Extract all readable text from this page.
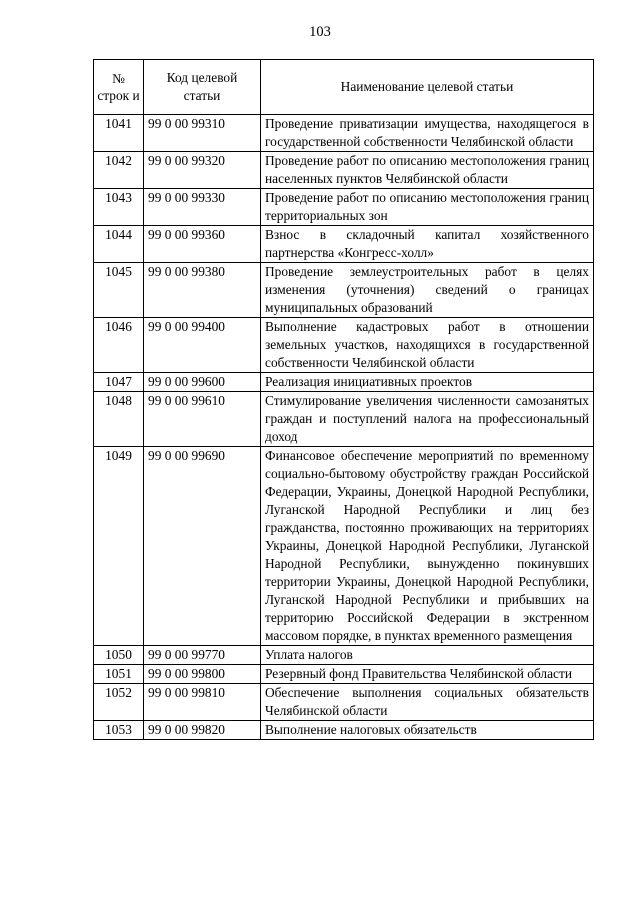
103
№ строк и	Код целевой статьи	Наименование целевой статьи
1041	99 0 00 99310	Проведение приватизации имущества, находящегося в государственной собственности Челябинской области
1042	99 0 00 99320	Проведение работ по описанию местоположения границ населенных пунктов Челябинской области
1043	99 0 00 99330	Проведение работ по описанию местоположения границ территориальных зон
1044	99 0 00 99360	Взнос в складочный капитал хозяйственного партнерства «Конгресс-холл»
1045	99 0 00 99380	Проведение землеустроительных работ в целях изменения (уточнения) сведений о границах муниципальных образований
1046	99 0 00 99400	Выполнение кадастровых работ в отношении земельных участков, находящихся в государственной собственности Челябинской области
1047	99 0 00 99600	Реализация инициативных проектов
1048	99 0 00 99610	Стимулирование увеличения численности самозанятых граждан и поступлений налога на профессиональный доход
1049	99 0 00 99690	Финансовое обеспечение мероприятий по временному социально-бытовому обустройству граждан Российской Федерации, Украины, Донецкой Народной Республики, Луганской Народной Республики и лиц без гражданства, постоянно проживающих на территориях Украины, Донецкой Народной Республики, Луганской Народной Республики, вынужденно покинувших территории Украины, Донецкой Народной Республики, Луганской Народной Республики и прибывших на территорию Российской Федерации в экстренном массовом порядке, в пунктах временного размещения
1050	99 0 00 99770	Уплата налогов
1051	99 0 00 99800	Резервный фонд Правительства Челябинской области
1052	99 0 00 99810	Обеспечение выполнения социальных обязательств Челябинской области
1053	99 0 00 99820	Выполнение налоговых обязательств
